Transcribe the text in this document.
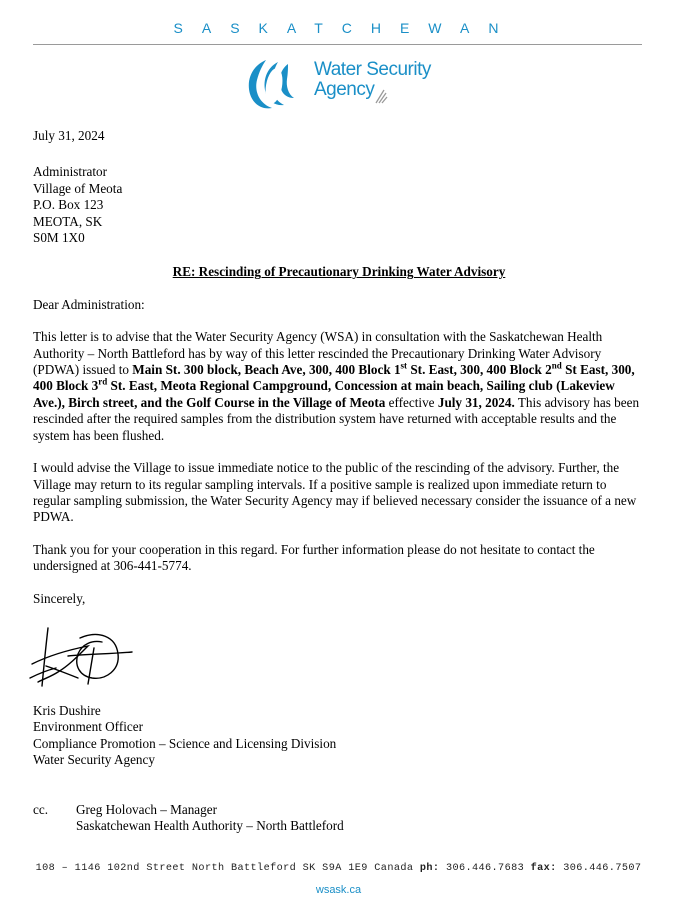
SASKATCHEWAN
Water Security
Agency

July 31, 2024

Administrator
Village of Meota
P.O. Box 123
MEOTA, SK
S0M 1X0

RE: Rescinding of Precautionary Drinking Water Advisory

Dear Administration:

This letter is to advise that the Water Security Agency (WSA) in consultation with the Saskatchewan Health Authority – North Battleford has by way of this letter rescinded the Precautionary Drinking Water Advisory (PDWA) issued to Main St. 300 block, Beach Ave, 300, 400 Block 1st St. East, 300, 400 Block 2nd St East, 300, 400 Block 3rd St. East, Meota Regional Campground, Concession at main beach, Sailing club (Lakeview Ave.), Birch street, and the Golf Course in the Village of Meota effective July 31, 2024. This advisory has been rescinded after the required samples from the distribution system have returned with acceptable results and the system has been flushed.

I would advise the Village to issue immediate notice to the public of the rescinding of the advisory. Further, the Village may return to its regular sampling intervals. If a positive sample is realized upon immediate return to regular sampling submission, the Water Security Agency may if believed necessary consider the issuance of a new PDWA.

Thank you for your cooperation in this regard. For further information please do not hesitate to contact the undersigned at 306-441-5774.

Sincerely,

Kris Dushire
Environment Officer
Compliance Promotion – Science and Licensing Division
Water Security Agency
cc. Greg Holovach – Manager
Saskatchewan Health Authority – North Battleford
108 – 1146 102nd Street North Battleford SK S9A 1E9 Canada ph: 306.446.7683 fax: 306.446.7507
wsask.ca
